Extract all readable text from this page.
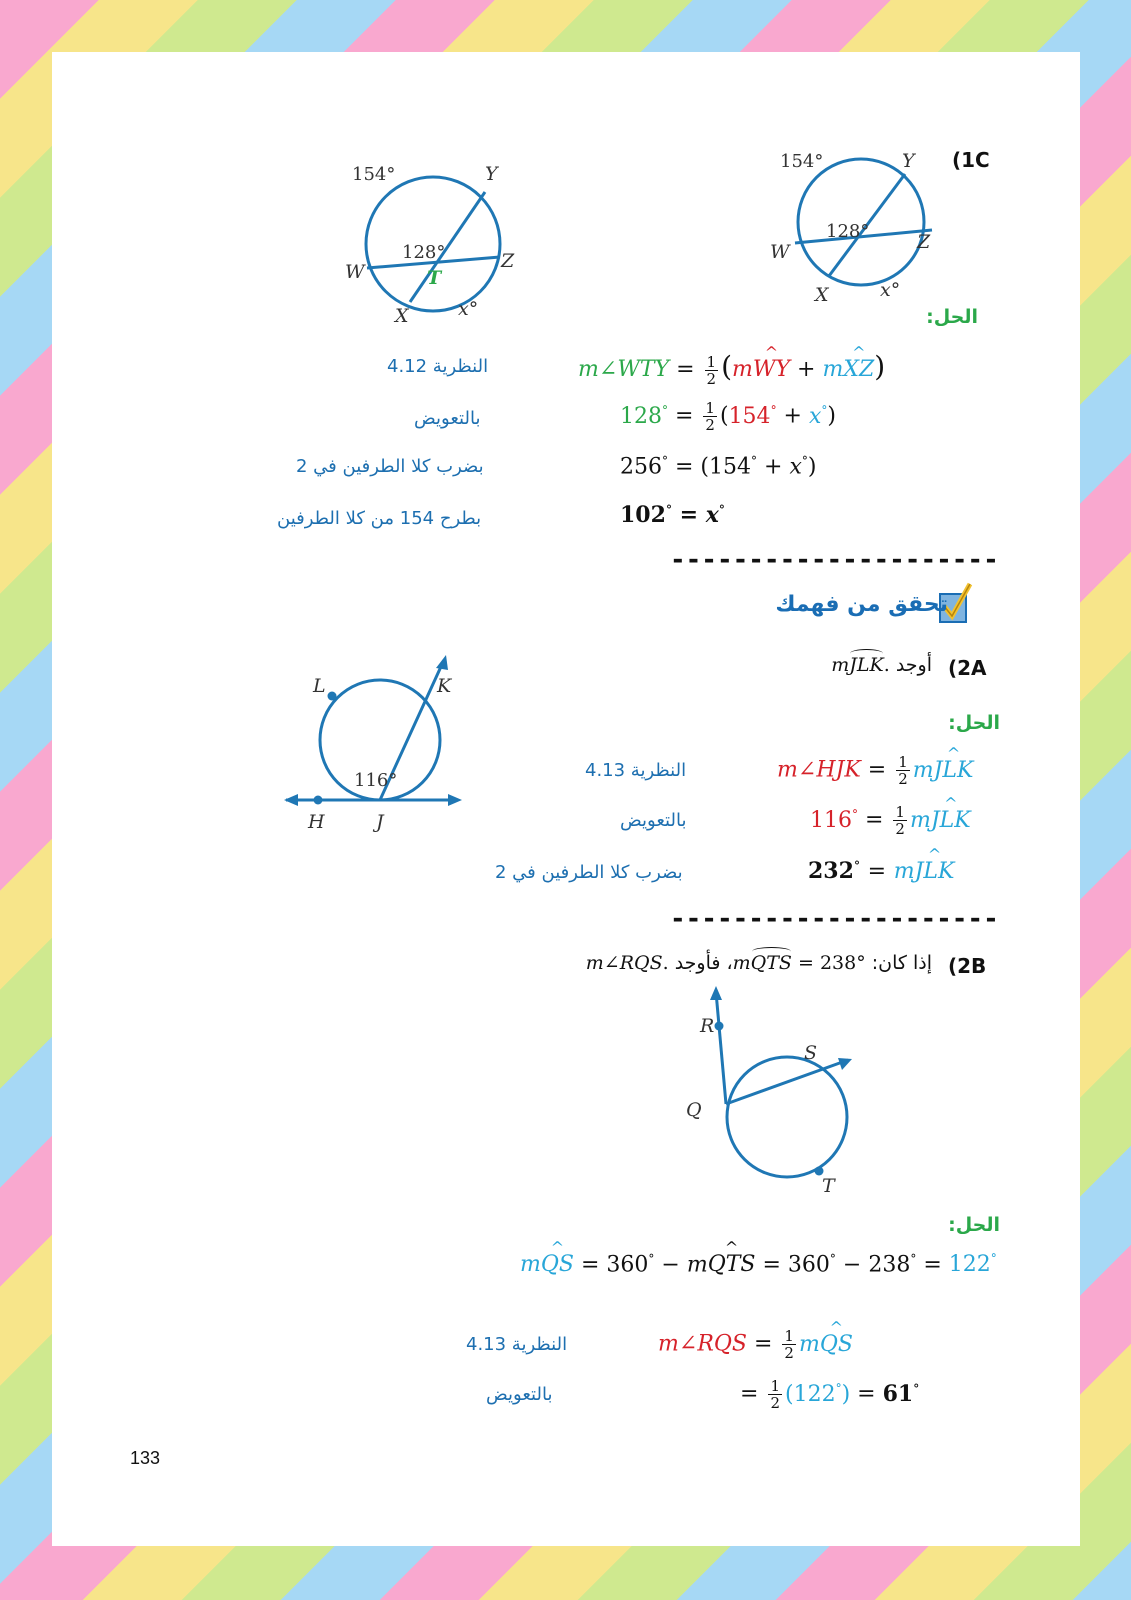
(1C
154°	Y
128°
W	Z
X	x°
154°	Y
128°
W	Z
X	x°
T
الحل:
m∠WTY = $\frac{1}{2}$ (m^ WY + m^ XZ)
النظرية 4.12
$128^\circ = \frac{1}{2} (154^\circ + x^\circ)$
بالتعويض
256° = (154° + x°)
بضرب كلا الطرفين في 2
102° = x°
بطرح 154 من كلا الطرفين
---------------------
تحقق من فهمك
(2A
أوجد mJLK.
L	K
116°
H	J
الحل:
m∠HJK = $\frac{1}{2}$ m^ JLK
النظرية 4.13
$116^\circ = \frac{1}{2}$ m^ JLK
بالتعويض
232° = m^ JLK
بضرب كلا الطرفين في 2
---------------------
(2B
إذا كان: mQTS = 238°، فأوجد m∠RQS.
R
S
Q
T
الحل:
m^ QS = 360° − m^ QTS = 360° − 238° = 122°
m∠RQS = $\frac{1}{2}$ m^ QS
النظرية 4.13
= $\frac{1}{2} (122^\circ) = 61^\circ$
بالتعويض
133
